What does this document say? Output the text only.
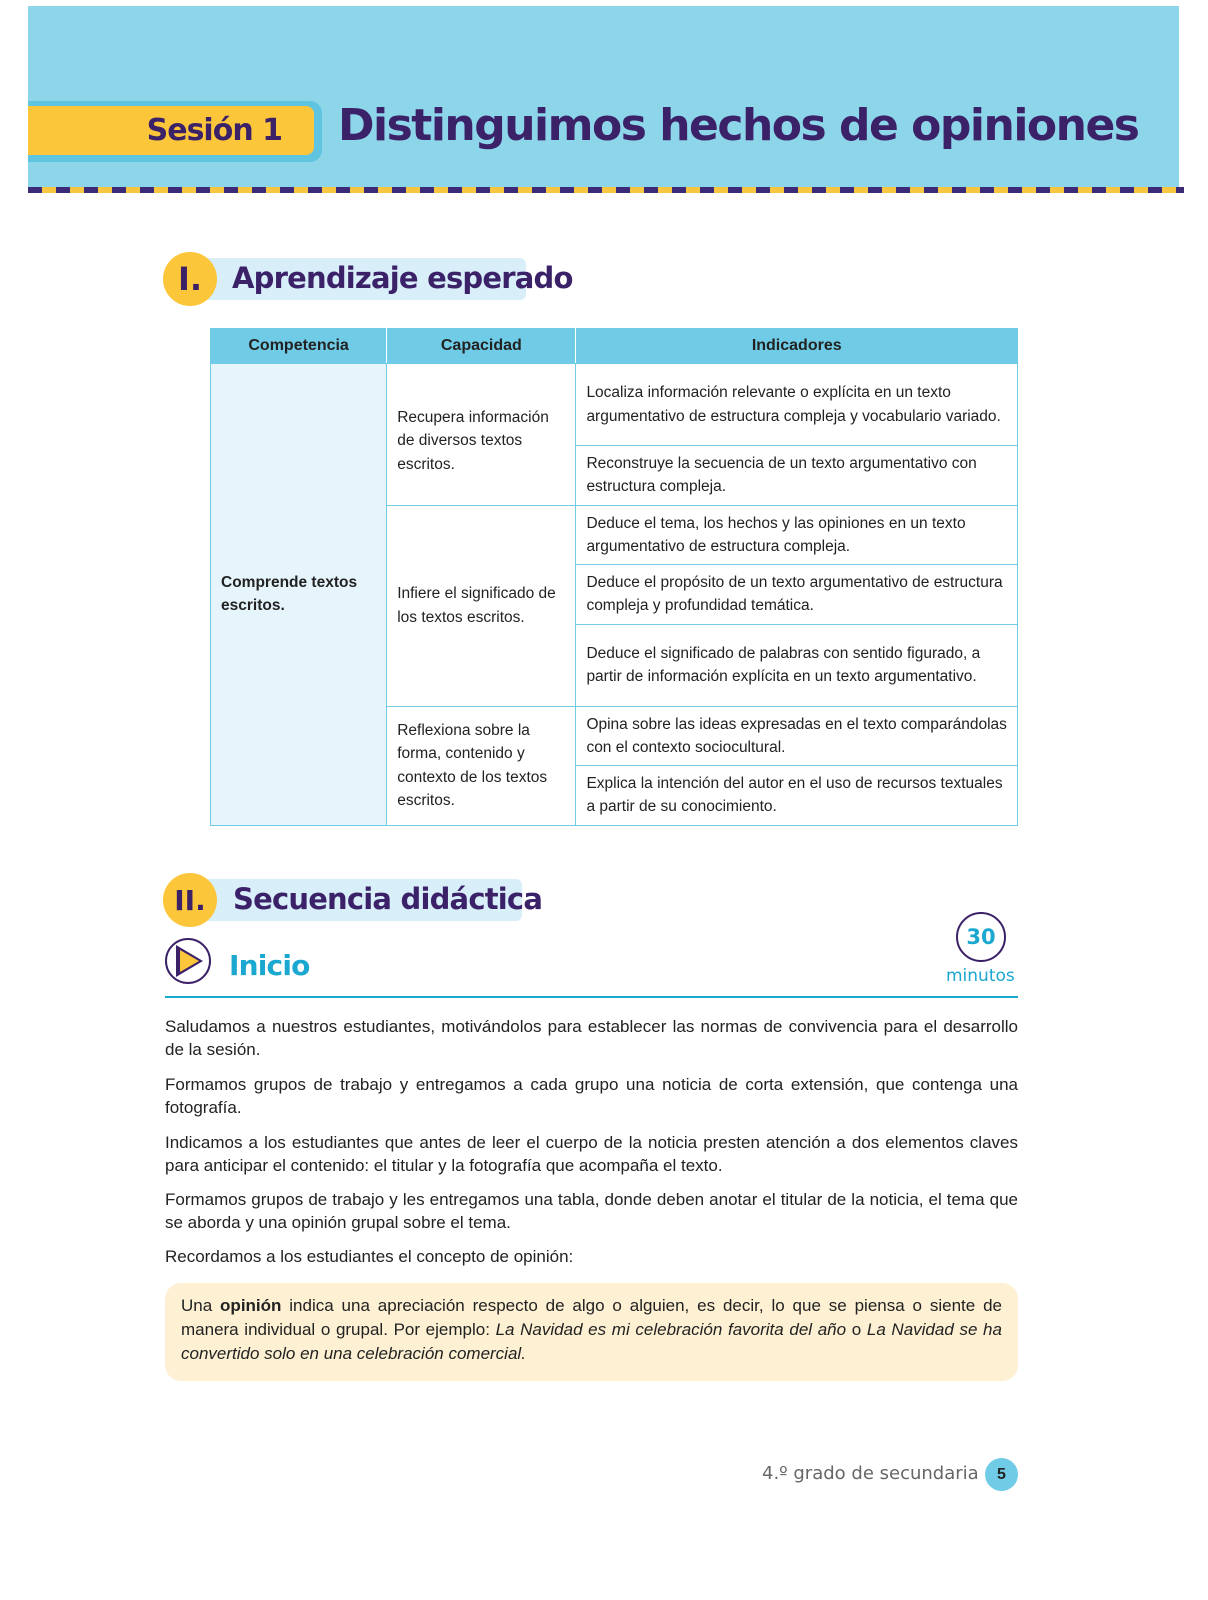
Sesión 1 Distinguimos hechos de opiniones
I.	Aprendizaje esperado
Competencia	Capacidad	Indicadores
Comprende textos escritos.	Recupera información de diversos textos escritos.	Localiza información relevante o explícita en un texto argumentativo de estructura compleja y vocabulario variado.
		Reconstruye la secuencia de un texto argumentativo con estructura compleja.
	Infiere el significado de los textos escritos.	Deduce el tema, los hechos y las opiniones en un texto argumentativo de estructura compleja.
		Deduce el propósito de un texto argumentativo de estructura compleja y profundidad temática.
		Deduce el significado de palabras con sentido figurado, a partir de información explícita en un texto argumentativo.
	Reflexiona sobre la forma, contenido y contexto de los textos escritos.	Opina sobre las ideas expresadas en el texto comparándolas con el contexto sociocultural.
		Explica la intención del autor en el uso de recursos textuales a partir de su conocimiento.
II. Secuencia didáctica
Inicio
30
minutos

Saludamos a nuestros estudiantes, motivándolos para establecer las normas de convivencia para el desarrollo de la sesión.

Formamos grupos de trabajo y entregamos a cada grupo una noticia de corta extensión, que contenga una fotografía.

Indicamos a los estudiantes que antes de leer el cuerpo de la noticia presten atención a dos elementos claves para anticipar el contenido: el titular y la fotografía que acompaña el texto.

Formamos grupos de trabajo y les entregamos una tabla, donde deben anotar el titular de la noticia, el tema que se aborda y una opinión grupal sobre el tema.

Recordamos a los estudiantes el concepto de opinión:

Una opinión indica una apreciación respecto de algo o alguien, es decir, lo que se piensa o siente de manera individual o grupal. Por ejemplo: La Navidad es mi celebración favorita del año o La Navidad se ha convertido solo en una celebración comercial.
4.º grado de secundaria	5
